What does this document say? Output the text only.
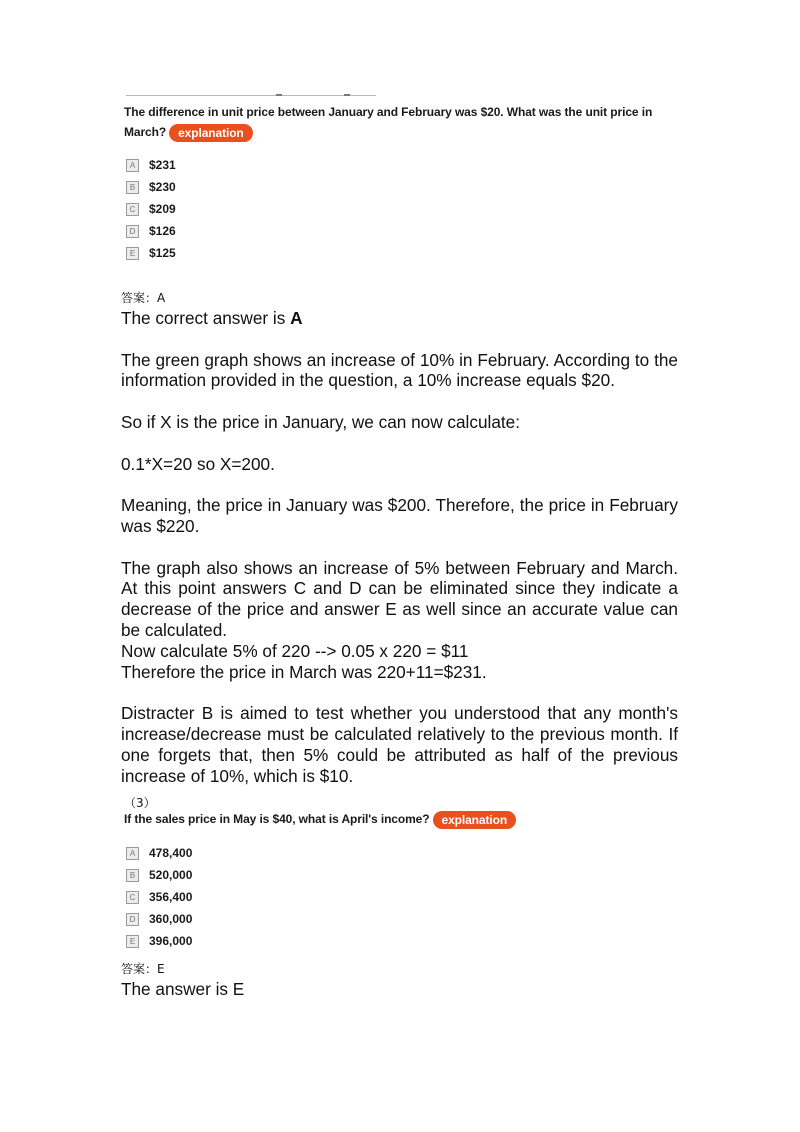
The difference in unit price between January and February was $20. What was the unit price in March? explanation
A	$231
B	$230
C	$209
D	$126
E	$125
答案：A

The correct answer is A

The green graph shows an increase of 10% in February. According to the information provided in the question, a 10% increase equals $20.

So if X is the price in January, we can now calculate:

0.1*X=20 so X=200.

Meaning, the price in January was $200. Therefore, the price in February was $220.

The graph also shows an increase of 5% between February and March. At this point answers C and D can be eliminated since they indicate a decrease of the price and answer E as well since an accurate value can be calculated.

Now calculate 5% of 220 --> 0.05 x 220 = $11

Therefore the price in March was 220+11=$231.

Distracter B is aimed to test whether you understood that any month's increase/decrease must be calculated relatively to the previous month. If one forgets that, then 5% could be attributed as half of the previous increase of 10%, which is $10.

（3）
If the sales price in May is $40, what is April's income? explanation
A	478,400
B	520,000
C	356,400
D	360,000
E	396,000
答案：E
The answer is E
